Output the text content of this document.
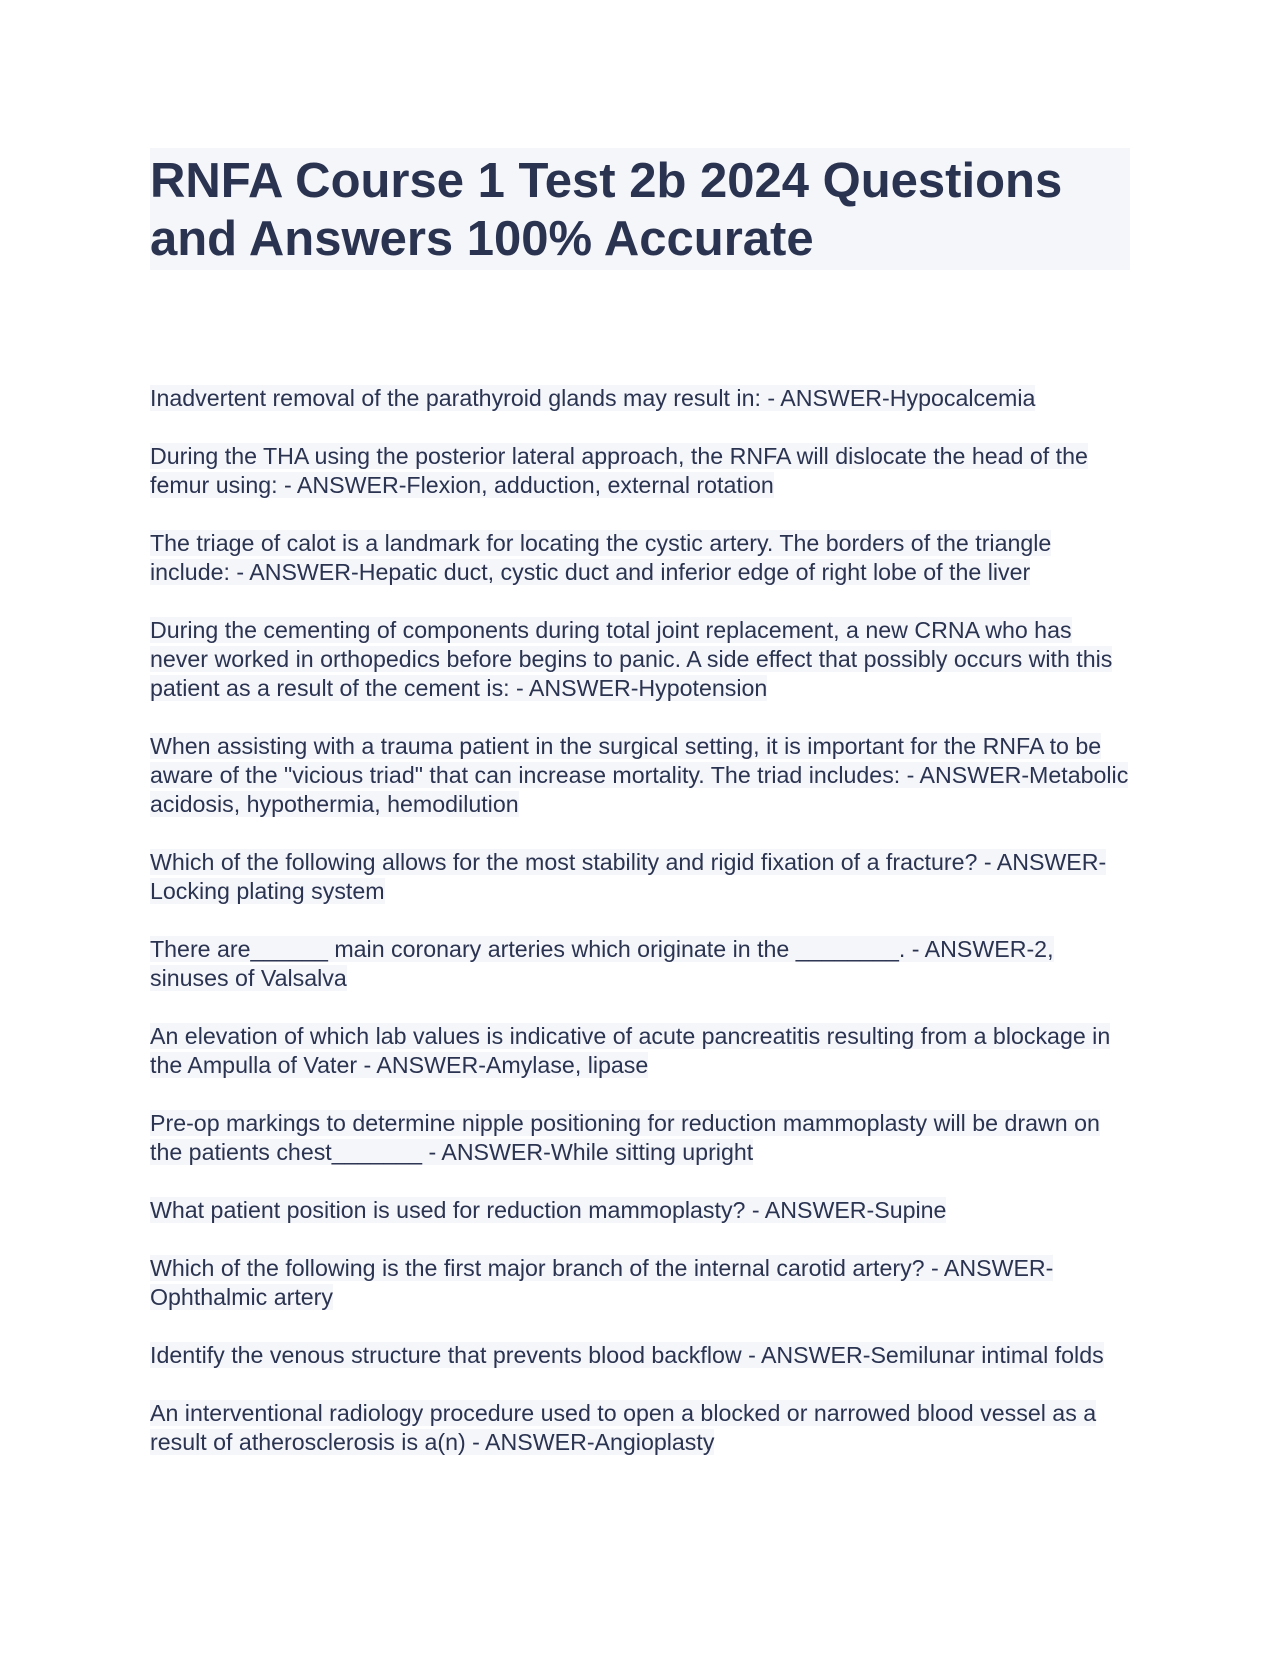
RNFA Course 1 Test 2b 2024 Questions and Answers 100% Accurate

Inadvertent removal of the parathyroid glands may result in: - ANSWER-Hypocalcemia

During the THA using the posterior lateral approach, the RNFA will dislocate the head of the femur using: - ANSWER-Flexion, adduction, external rotation

The triage of calot is a landmark for locating the cystic artery. The borders of the triangle include: - ANSWER-Hepatic duct, cystic duct and inferior edge of right lobe of the liver

During the cementing of components during total joint replacement, a new CRNA who has never worked in orthopedics before begins to panic. A side effect that possibly occurs with this patient as a result of the cement is: - ANSWER-Hypotension

When assisting with a trauma patient in the surgical setting, it is important for the RNFA to be aware of the "vicious triad" that can increase mortality. The triad includes: - ANSWER-Metabolic acidosis, hypothermia, hemodilution

Which of the following allows for the most stability and rigid fixation of a fracture? - ANSWER-Locking plating system

There are______ main coronary arteries which originate in the ________. - ANSWER-2, sinuses of Valsalva

An elevation of which lab values is indicative of acute pancreatitis resulting from a blockage in the Ampulla of Vater - ANSWER-Amylase, lipase

Pre-op markings to determine nipple positioning for reduction mammoplasty will be drawn on the patients chest_______ - ANSWER-While sitting upright

What patient position is used for reduction mammoplasty? - ANSWER-Supine

Which of the following is the first major branch of the internal carotid artery? - ANSWER-Ophthalmic artery

Identify the venous structure that prevents blood backflow - ANSWER-Semilunar intimal folds

An interventional radiology procedure used to open a blocked or narrowed blood vessel as a result of atherosclerosis is a(n) - ANSWER-Angioplasty
